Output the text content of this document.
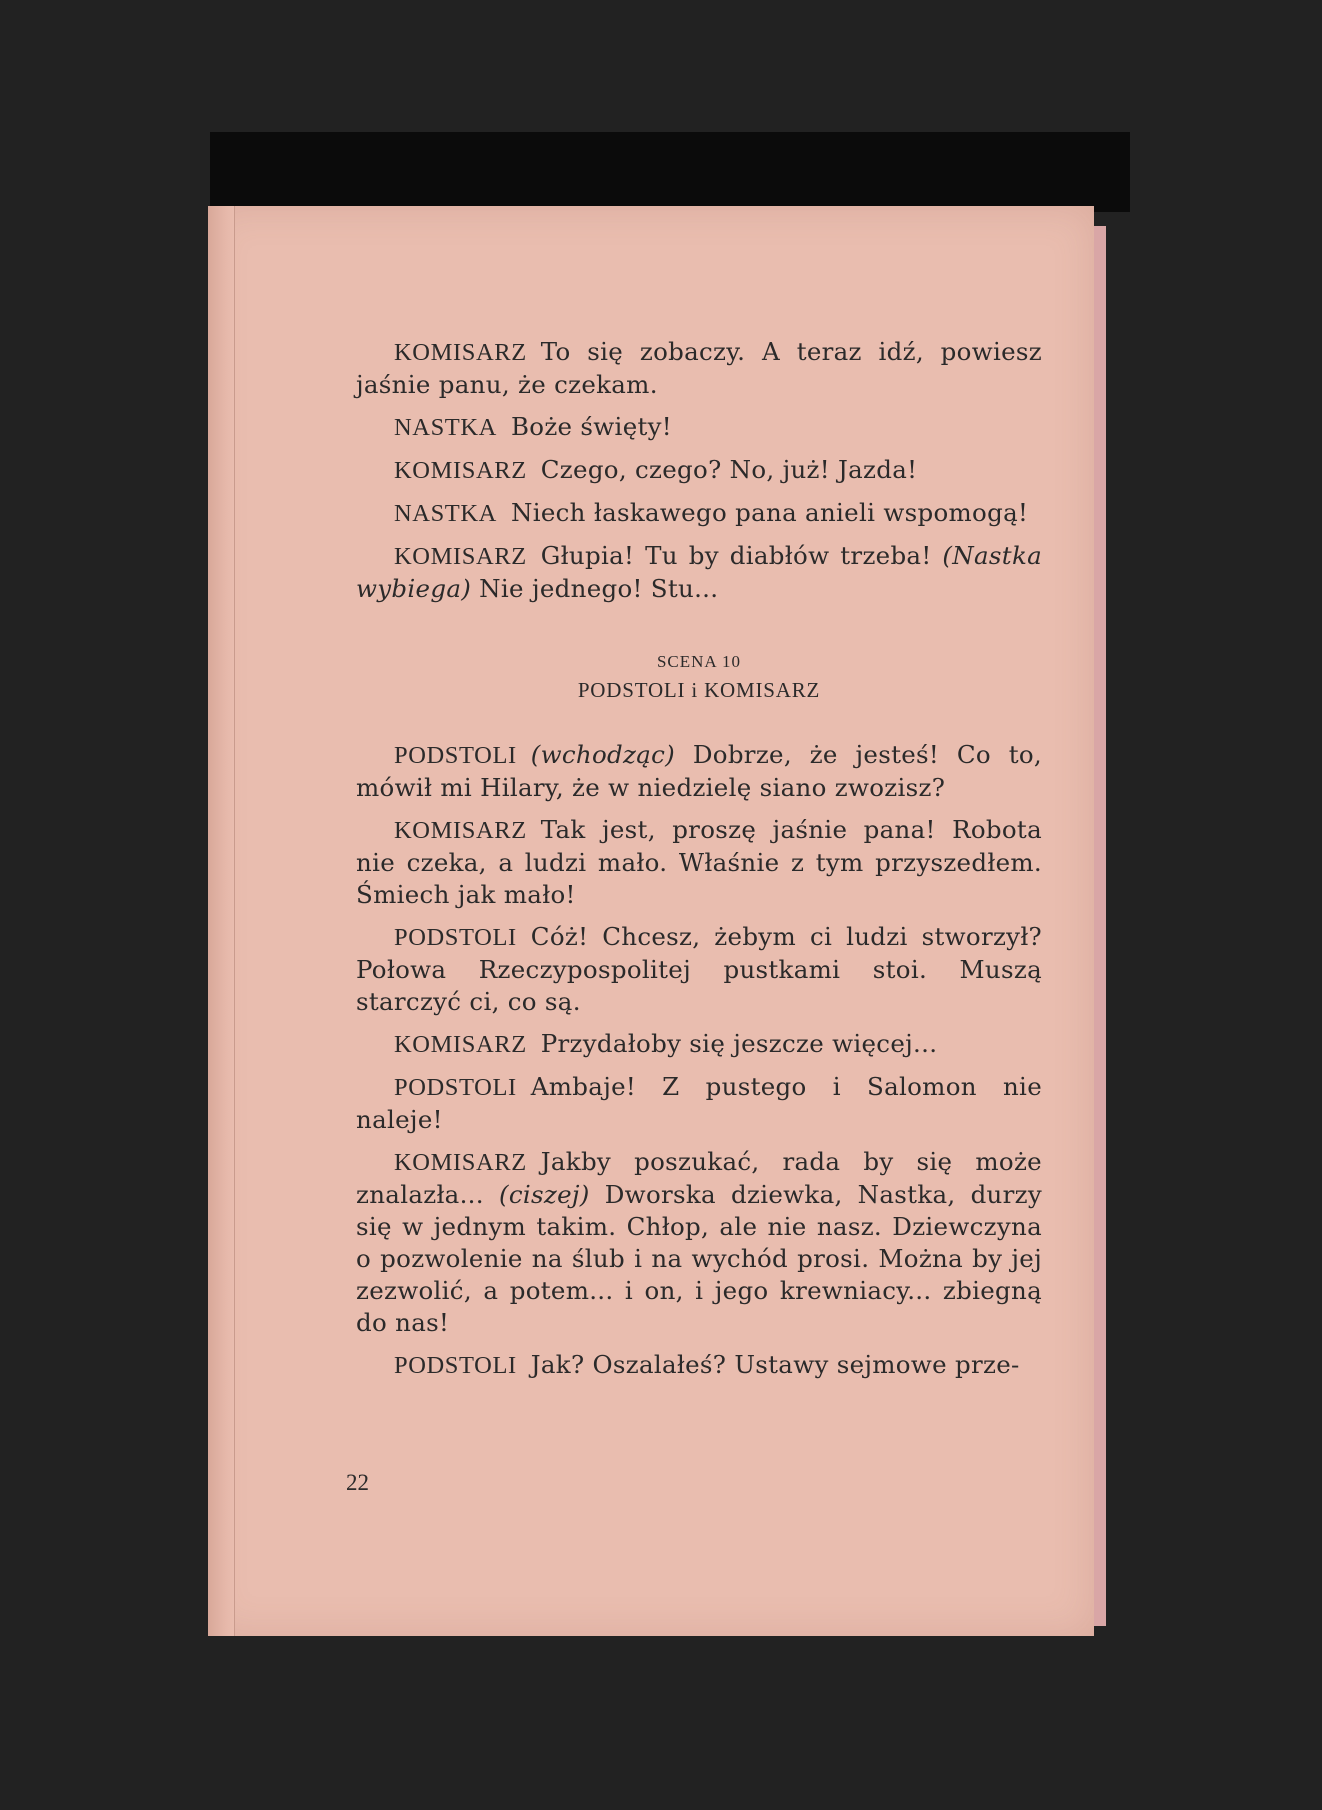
KOMISARZ To się zobaczy. A teraz idź, powiesz jaśnie panu, że czekam.

NASTKA Boże święty!

KOMISARZ Czego, czego? No, już! Jazda!

NASTKA Niech łaskawego pana anieli wspomogą!

KOMISARZ Głupia! Tu by diabłów trzeba! (Nastka wybiega) Nie jednego! Stu...

SCENA 10
PODSTOLI i KOMISARZ

PODSTOLI (wchodząc) Dobrze, że jesteś! Co to, mówił mi Hilary, że w niedzielę siano zwozisz?

KOMISARZ Tak jest, proszę jaśnie pana! Robota nie czeka, a ludzi mało. Właśnie z tym przyszedłem. Śmiech jak mało!

PODSTOLI Cóż! Chcesz, żebym ci ludzi stworzył? Połowa Rzeczypospolitej pustkami stoi. Muszą starczyć ci, co są.

KOMISARZ Przydałoby się jeszcze więcej...

PODSTOLI Ambaje! Z pustego i Salomon nie naleje!

KOMISARZ Jakby poszukać, rada by się może znalazła... (ciszej) Dworska dziewka, Nastka, durzy się w jednym takim. Chłop, ale nie nasz. Dziewczyna o pozwolenie na ślub i na wychód prosi. Można by jej zezwolić, a potem... i on, i jego krewniacy... zbiegną do nas!

PODSTOLI Jak? Oszalałeś? Ustawy sejmowe prze-

22
